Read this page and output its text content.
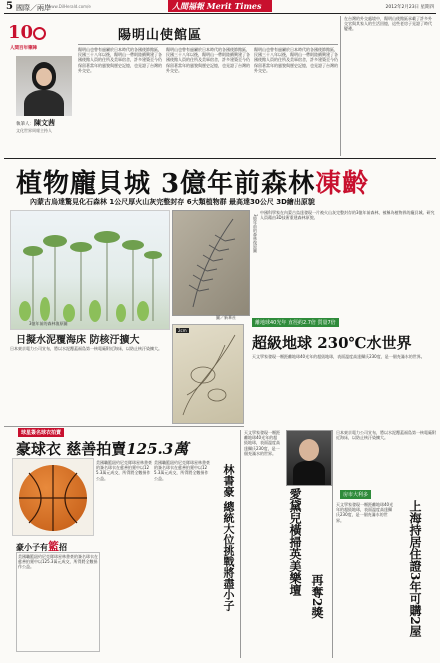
5 國際／兩岸
www.DilHerald.com/e	人間福報 Merit Times	2012年2月23日 星期四
10
人間百年筆陣
執筆人：陳文茜
文化世界周報主持人
陽明山使館區
陽明山也曾有過屬於日本時代的各國使節館區，民國三十八年以後，陽明山一帶則陸續興建了各國使館人員的住所及美軍宿舍，許多建築至今仍保留著當年的風貌與歷史記憶，也見證了台灣的外交史。
陽明山也曾有過屬於日本時代的各國使節館區，民國三十八年以後，陽明山一帶則陸續興建了各國使館人員的住所及美軍宿舍，許多建築至今仍保留著當年的風貌與歷史記憶，也見證了台灣的外交史。
陽明山也曾有過屬於日本時代的各國使節館區，民國三十八年以後，陽明山一帶則陸續興建了各國使館人員的住所及美軍宿舍，許多建築至今仍保留著當年的風貌與歷史記憶，也見證了台灣的外交史。
在台灣的外交處境中，陽明山使館區承載了許多外交官與其家人的生活回憶，這些老房子見證了時代變遷。
植物龐貝城 3億年前森林凍齡
內蒙古烏達驚見化石森林 1公尺厚火山灰完整封存 6大類植物群 最高達30公尺 3D繪出原貌
3億年前的森林復原圖
圖／新華社
3億年前的森林復原圖
中國科學家在內蒙古烏達發現一片被火山灰完整封存的3億年前森林，被稱為植物界的龐貝城。研究人員藉由3D技術重建森林原貌。
日擬水泥覆海床 防核汙擴大
日本東京電力公司宣布，將以水泥覆蓋福島第一核電廠附近海床，以防止核汙染擴大。
2cm
離地球40光年 直徑約2.7倍 質量7倍
超級地球 230℃水世界
天文學家發現一顆距離地球40光年的超級地球，表面溫度高達攝氏230度，是一個充滿水的世界。
球星簽名球衣拍賣
豪球衣 慈善拍賣125.3萬
豪小子有籃招
美國職籃紐約尼克隊球星林書豪的簽名球衣在慈善拍賣中以125.3萬元成交，所得將全數捐作公益。
美國職籃紐約尼克隊球星林書豪的簽名球衣在慈善拍賣中以125.3萬元成交，所得將全數捐作公益。
美國職籃紐約尼克隊球星林書豪的簽名球衣在慈善拍賣中以125.3萬元成交，所得將全數捐作公益。	林書豪 總統大位挑戰將盡小子
天文學家發現一顆距離地球40光年的超級地球，表面溫度高達攝氏230度，是一個充滿水的世界。
愛黛兒橫掃英美樂壇
再奪2獎
房市大利多
上海持居住證3年可購2屋
天文學家發現一顆距離地球40光年的超級地球，表面溫度高達攝氏230度，是一個充滿水的世界。
日本東京電力公司宣布，將以水泥覆蓋福島第一核電廠附近海床，以防止核汙染擴大。
